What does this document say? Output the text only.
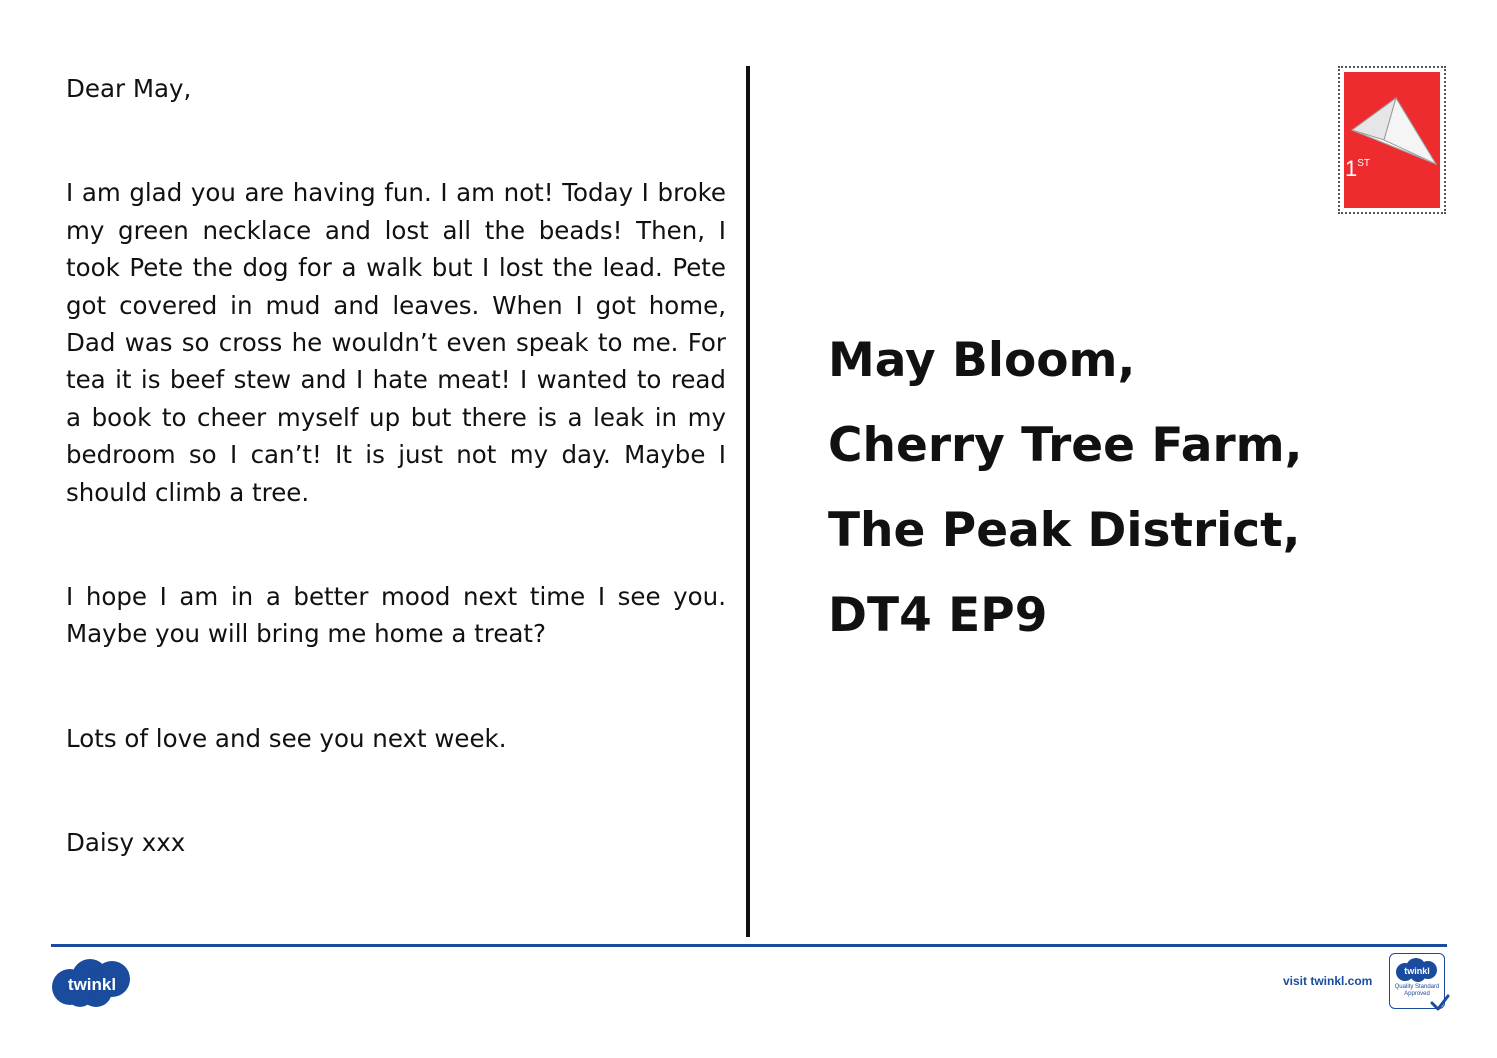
Dear May,

I am glad you are having fun. I am not! Today I broke my green necklace and lost all the beads! Then, I took Pete the dog for a walk but I lost the lead. Pete got covered in mud and leaves. When I got home, Dad was so cross he wouldn’t even speak to me. For tea it is beef stew and I hate meat! I wanted to read a book to cheer myself up but there is a leak in my bedroom so I can’t! It is just not my day. Maybe I should climb a tree.

I hope I am in a better mood next time I see you. Maybe you will bring me home a treat?

Lots of love and see you next week.

Daisy xxx

1ST
May Bloom,
Cherry Tree Farm,
The Peak District,
DT4 EP9
twinkl	visit twinkl.com
twinkl
Quality Standard
Approved
